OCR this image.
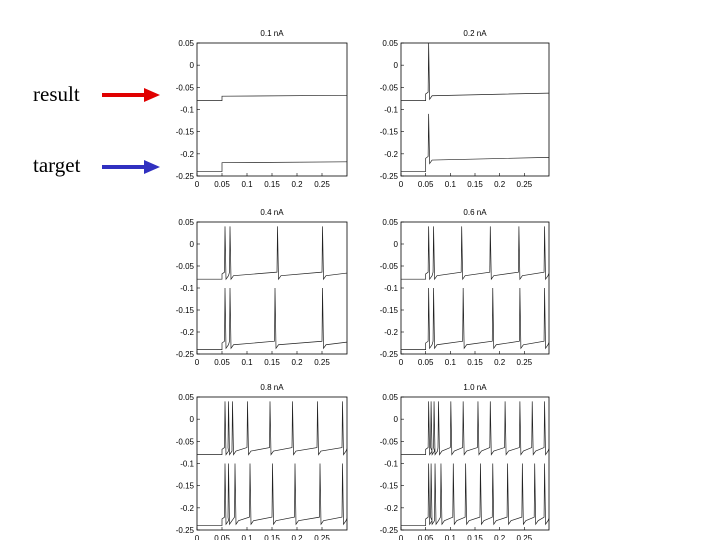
result
target
0.1 nA
0 0.05 0.1 0.15 0.2 0.25
0.05
0
-0.05
-0.1
-0.15
-0.2
-0.25
0.2 nA
0 0.05 0.1 0.15 0.2 0.25
0.05
0
-0.05
-0.1
-0.15
-0.2
-0.25
0.4 nA
0 0.05 0.1 0.15 0.2 0.25
0.05
0
-0.05
-0.1
-0.15
-0.2
-0.25
0.6 nA
0 0.05 0.1 0.15 0.2 0.25
0.05
0
-0.05
-0.1
-0.15
-0.2
-0.25
0.8 nA
0 0.05 0.1 0.15 0.2 0.25
0.05
0
-0.05
-0.1
-0.15
-0.2
-0.25
1.0 nA
0 0.05 0.1 0.15 0.2 0.25
0.05
0
-0.05
-0.1
-0.15
-0.2
-0.25
